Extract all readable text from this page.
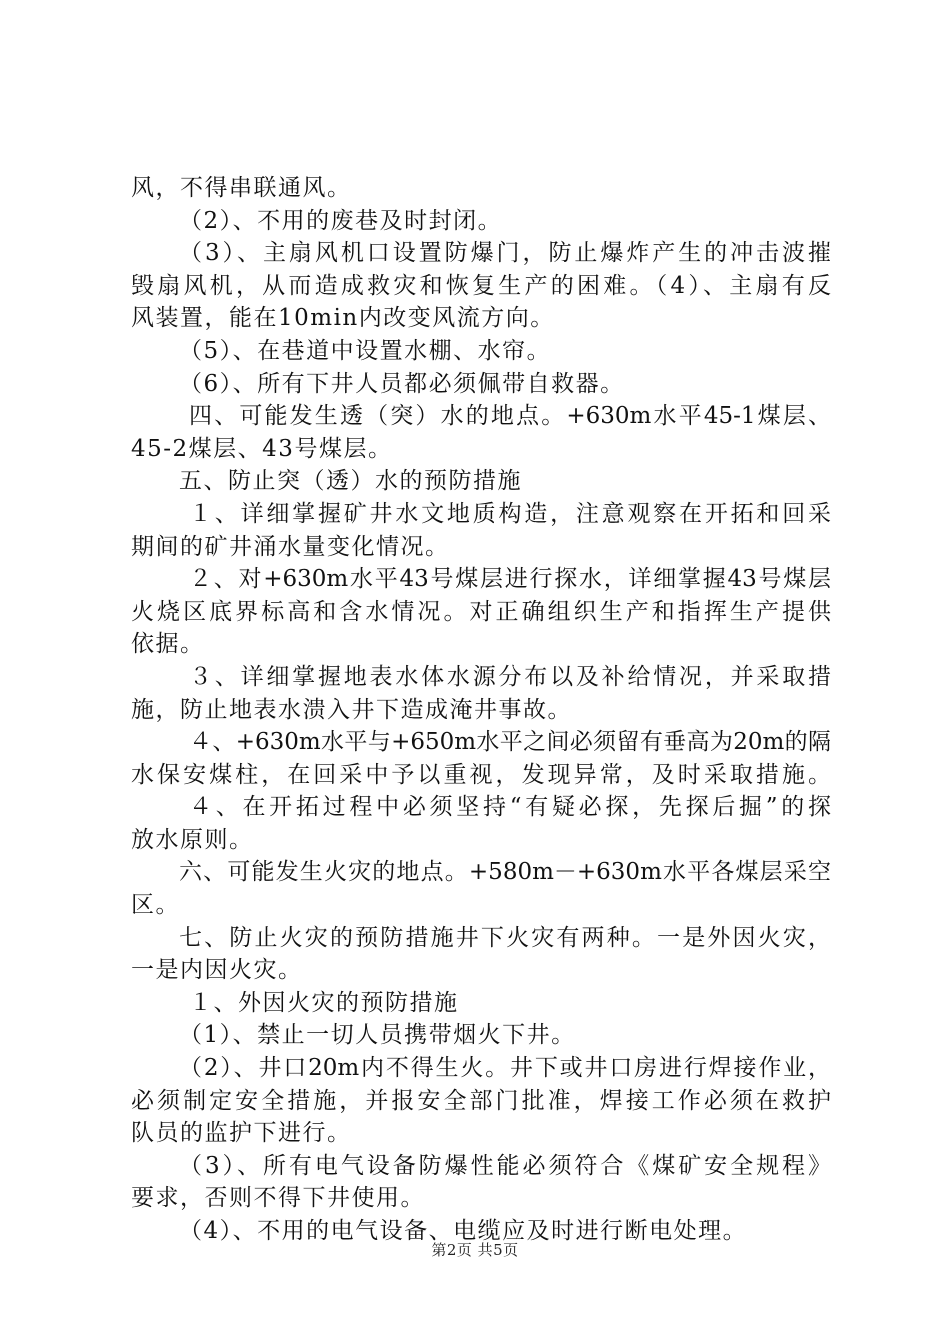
风，不得串联通风。
（2）、不用的废巷及时封闭。
（3）、主扇风机口设置防爆门，防止爆炸产生的冲击波摧
毁扇风机，从而造成救灾和恢复生产的困难。（4）、主扇有反
风装置，能在10min内改变风流方向。
（5）、在巷道中设置水棚、水帘。
（6）、所有下井人员都必须佩带自救器。
四、可能发生透（突）水的地点。+630m水平45-1煤层、
45-2煤层、43号煤层。
五、防止突（透）水的预防措施
１、详细掌握矿井水文地质构造，注意观察在开拓和回采
期间的矿井涌水量变化情况。
２、对+630m水平43号煤层进行探水，详细掌握43号煤层
火烧区底界标高和含水情况。对正确组织生产和指挥生产提供
依据。
３、详细掌握地表水体水源分布以及补给情况，并采取措
施，防止地表水溃入井下造成淹井事故。
４、+630m水平与+650m水平之间必须留有垂高为20m的隔
水保安煤柱，在回采中予以重视，发现异常，及时采取措施。
４、在开拓过程中必须坚持“有疑必探，先探后掘”的探
放水原则。
六、可能发生火灾的地点。+580m－+630m水平各煤层采空
区。
七、防止火灾的预防措施井下火灾有两种。一是外因火灾，
一是内因火灾。
１、外因火灾的预防措施
（1）、禁止一切人员携带烟火下井。
（2）、井口20m内不得生火。井下或井口房进行焊接作业，
必须制定安全措施，并报安全部门批准，焊接工作必须在救护
队员的监护下进行。
（3）、所有电气设备防爆性能必须符合《煤矿安全规程》
要求，否则不得下井使用。
（4）、不用的电气设备、电缆应及时进行断电处理。
第2页 共5页
